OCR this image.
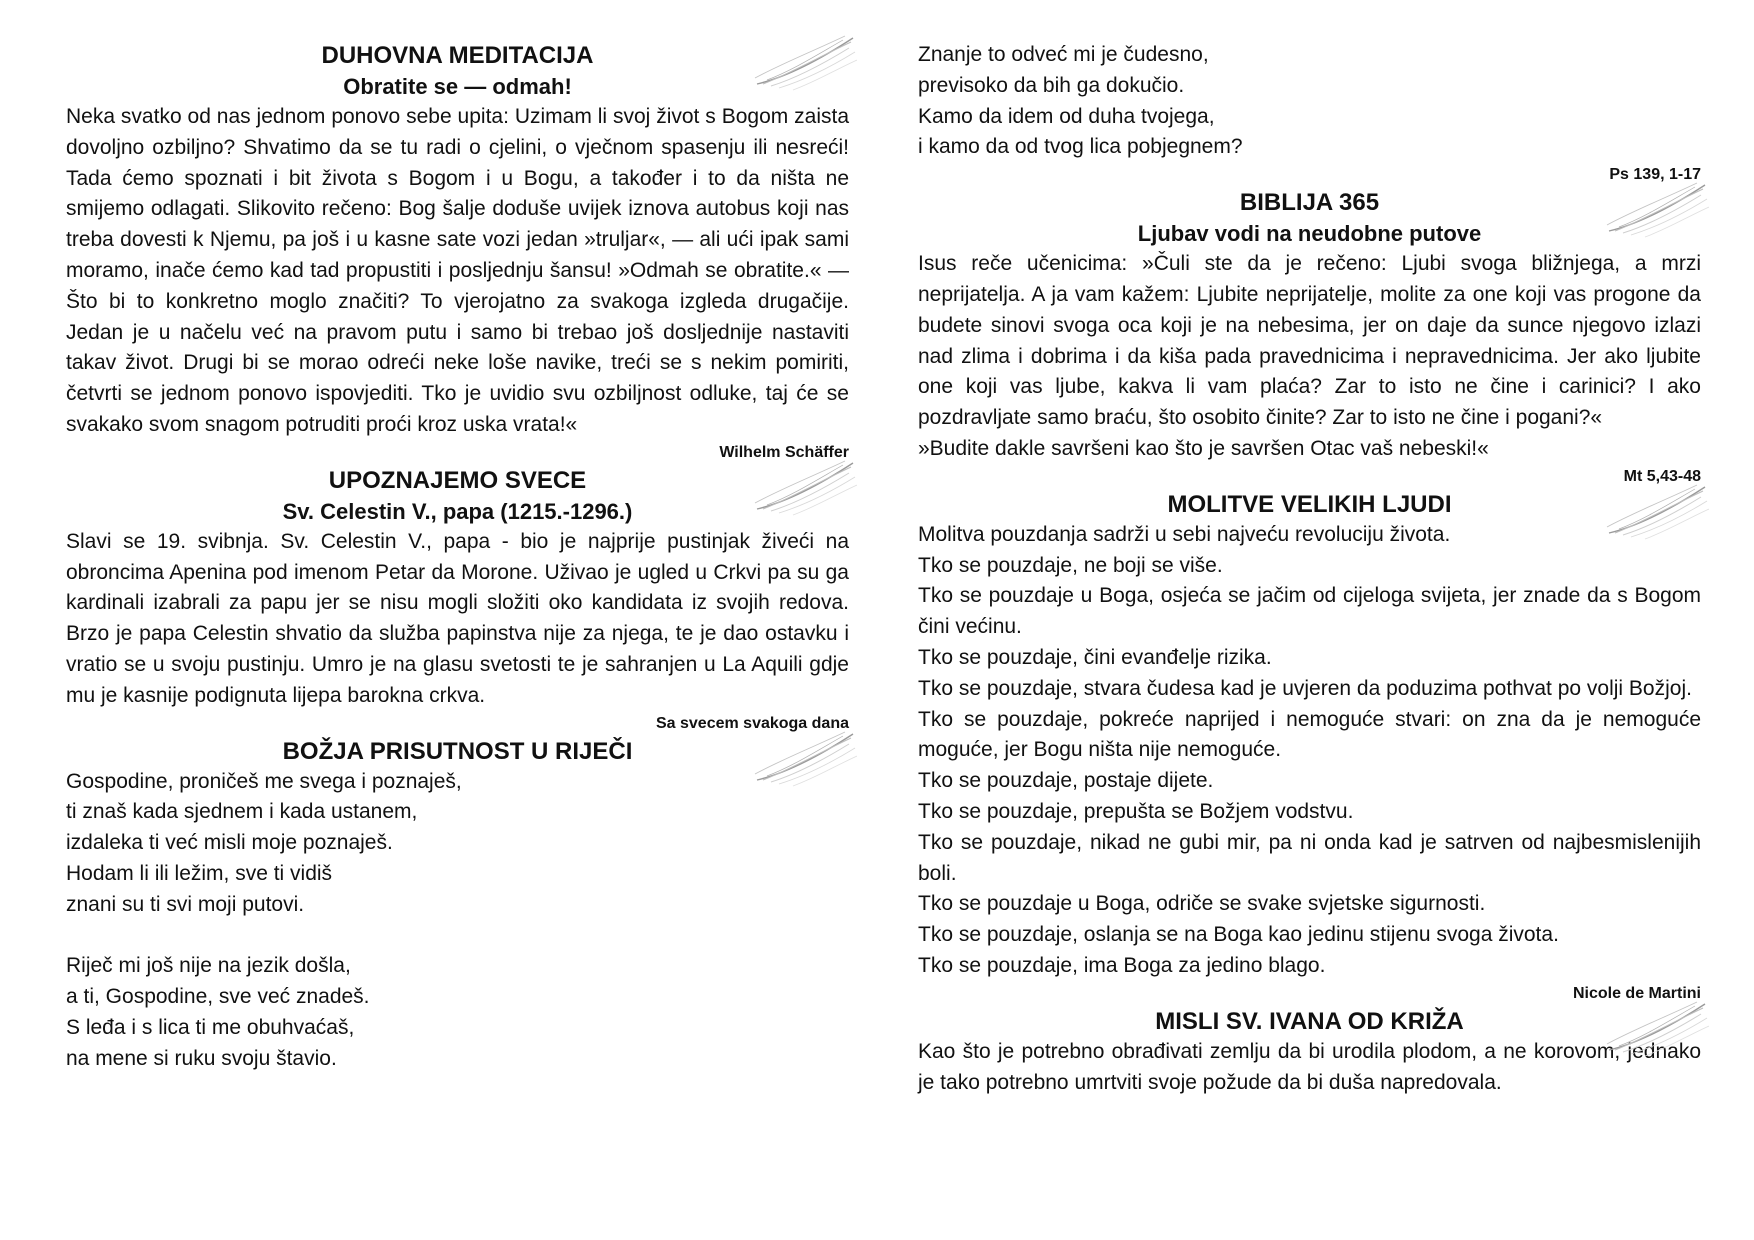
DUHOVNA MEDITACIJA
Obratite se — odmah!

Neka svatko od nas jednom ponovo sebe upita: Uzimam li svoj život s Bogom zaista dovoljno ozbiljno? Shvatimo da se tu radi o cjelini, o vječnom spasenju ili nesreći! Tada ćemo spoznati i bit života s Bogom i u Bogu, a također i to da ništa ne smijemo odlagati. Slikovito rečeno: Bog šalje doduše uvijek iznova autobus koji nas treba dovesti k Njemu, pa još i u kasne sate vozi jedan »truljar«, — ali ući ipak sami moramo, inače ćemo kad tad propustiti i posljednju šansu! »Odmah se obratite.« — Što bi to konkretno moglo značiti? To vjerojatno za svakoga izgleda drugačije. Jedan je u načelu već na pravom putu i samo bi trebao još dosljednije nastaviti takav život. Drugi bi se morao odreći neke loše navike, treći se s nekim pomiriti, četvrti se jednom ponovo ispovjediti. Tko je uvidio svu ozbiljnost odluke, taj će se svakako svom snagom potruditi proći kroz uska vrata!«

Wilhelm Schäffer

UPOZNAJEMO SVECE
Sv. Celestin V., papa (1215.-1296.)

Slavi se 19. svibnja. Sv. Celestin V., papa - bio je najprije pustinjak živeći na obroncima Apenina pod imenom Petar da Morone. Uživao je ugled u Crkvi pa su ga kardinali izabrali za papu jer se nisu mogli složiti oko kandidata iz svojih redova. Brzo je papa Celestin shvatio da služba papinstva nije za njega, te je dao ostavku i vratio se u svoju pustinju. Umro je na glasu svetosti te je sahranjen u La Aquili gdje mu je kasnije podignuta lijepa barokna crkva.

Sa svecem svakoga dana

BOŽJA PRISUTNOST U RIJEČI
Gospodine, proničeš me svega i poznaješ,
ti znaš kada sjednem i kada ustanem,
izdaleka ti već misli moje poznaješ.
Hodam li ili ležim, sve ti vidiš
znani su ti svi moji putovi.
Riječ mi još nije na jezik došla,
a ti, Gospodine, sve već znadeš.
S leđa i s lica ti me obuhvaćaš,
na mene si ruku svoju štavio.
Znanje to odveć mi je čudesno,
previsoko da bih ga dokučio.
Kamo da idem od duha tvojega,
i kamo da od tvog lica pobjegnem?

Ps 139, 1-17

BIBLIJA 365
Ljubav vodi na neudobne putove

Isus reče učenicima: »Čuli ste da je rečeno: Ljubi svoga bližnjega, a mrzi neprijatelja. A ja vam kažem: Ljubite neprijatelje, molite za one koji vas progone da budete sinovi svoga oca koji je na nebesima, jer on daje da sunce njegovo izlazi nad zlima i dobrima i da kiša pada pravednicima i nepravednicima. Jer ako ljubite one koji vas ljube, kakva li vam plaća? Zar to isto ne čine i carinici? I ako pozdravljate samo braću, što osobito činite? Zar to isto ne čine i pogani?«

»Budite dakle savršeni kao što je savršen Otac vaš nebeski!«

Mt 5,43-48

MOLITVE VELIKIH LJUDI

Molitva pouzdanja sadrži u sebi najveću revoluciju života.

Tko se pouzdaje, ne boji se više.

Tko se pouzdaje u Boga, osjeća se jačim od cijeloga svijeta, jer znade da s Bogom čini većinu.

Tko se pouzdaje, čini evanđelje rizika.

Tko se pouzdaje, stvara čudesa kad je uvjeren da poduzima pothvat po volji Božjoj.

Tko se pouzdaje, pokreće naprijed i nemoguće stvari: on zna da je nemoguće moguće, jer Bogu ništa nije nemoguće.

Tko se pouzdaje, postaje dijete.

Tko se pouzdaje, prepušta se Božjem vodstvu.

Tko se pouzdaje, nikad ne gubi mir, pa ni onda kad je satrven od najbesmislenijih boli.

Tko se pouzdaje u Boga, odriče se svake svjetske sigurnosti.

Tko se pouzdaje, oslanja se na Boga kao jedinu stijenu svoga života.

Tko se pouzdaje, ima Boga za jedino blago.

Nicole de Martini

MISLI SV. IVANA OD KRIŽA

Kao što je potrebno obrađivati zemlju da bi urodila plodom, a ne korovom, jednako je tako potrebno umrtviti svoje požude da bi duša napredovala.
